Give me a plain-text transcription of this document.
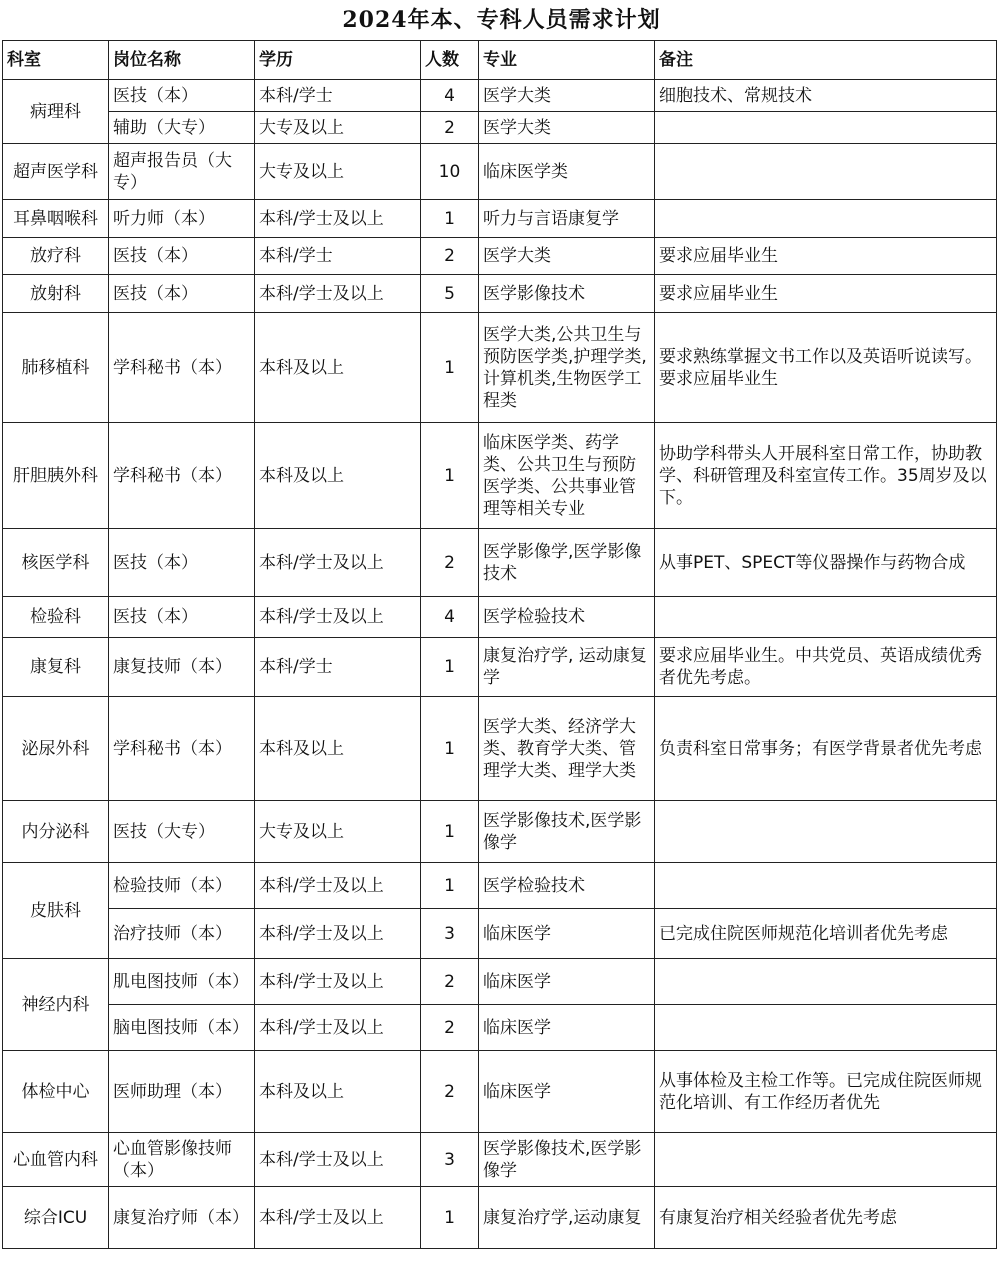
2024年本、专科人员需求计划
科室	岗位名称	学历	人数	专业	备注
病理科	医技（本）	本科/学士	4	医学大类	细胞技术、常规技术
	辅助（大专）	大专及以上	2	医学大类	
超声医学科	超声报告员（大专）	大专及以上	10	临床医学类	
耳鼻咽喉科	听力师（本）	本科/学士及以上	1	听力与言语康复学	
放疗科	医技（本）	本科/学士	2	医学大类	要求应届毕业生
放射科	医技（本）	本科/学士及以上	5	医学影像技术	要求应届毕业生
肺移植科	学科秘书（本）	本科及以上	1	医学大类,公共卫生与预防医学类,护理学类,计算机类,生物医学工程类	要求熟练掌握文书工作以及英语听说读写。要求应届毕业生
肝胆胰外科	学科秘书（本）	本科及以上	1	临床医学类、药学类、公共卫生与预防医学类、公共事业管理等相关专业	协助学科带头人开展科室日常工作，协助教学、科研管理及科室宣传工作。35周岁及以下。
核医学科	医技（本）	本科/学士及以上	2	医学影像学,医学影像技术	从事PET、SPECT等仪器操作与药物合成
检验科	医技（本）	本科/学士及以上	4	医学检验技术	
康复科	康复技师（本）	本科/学士	1	康复治疗学, 运动康复学	要求应届毕业生。中共党员、英语成绩优秀者优先考虑。
泌尿外科	学科秘书（本）	本科及以上	1	医学大类、经济学大类、教育学大类、管理学大类、理学大类	负责科室日常事务；有医学背景者优先考虑
内分泌科	医技（大专）	大专及以上	1	医学影像技术,医学影像学	
皮肤科	检验技师（本）	本科/学士及以上	1	医学检验技术	
	治疗技师（本）	本科/学士及以上	3	临床医学	已完成住院医师规范化培训者优先考虑
神经内科	肌电图技师（本）	本科/学士及以上	2	临床医学	
	脑电图技师（本）	本科/学士及以上	2	临床医学	
体检中心	医师助理（本）	本科及以上	2	临床医学	从事体检及主检工作等。已完成住院医师规范化培训、有工作经历者优先
心血管内科	心血管影像技师（本）	本科/学士及以上	3	医学影像技术,医学影像学	
综合ICU	康复治疗师（本）	本科/学士及以上	1	康复治疗学,运动康复	有康复治疗相关经验者优先考虑
